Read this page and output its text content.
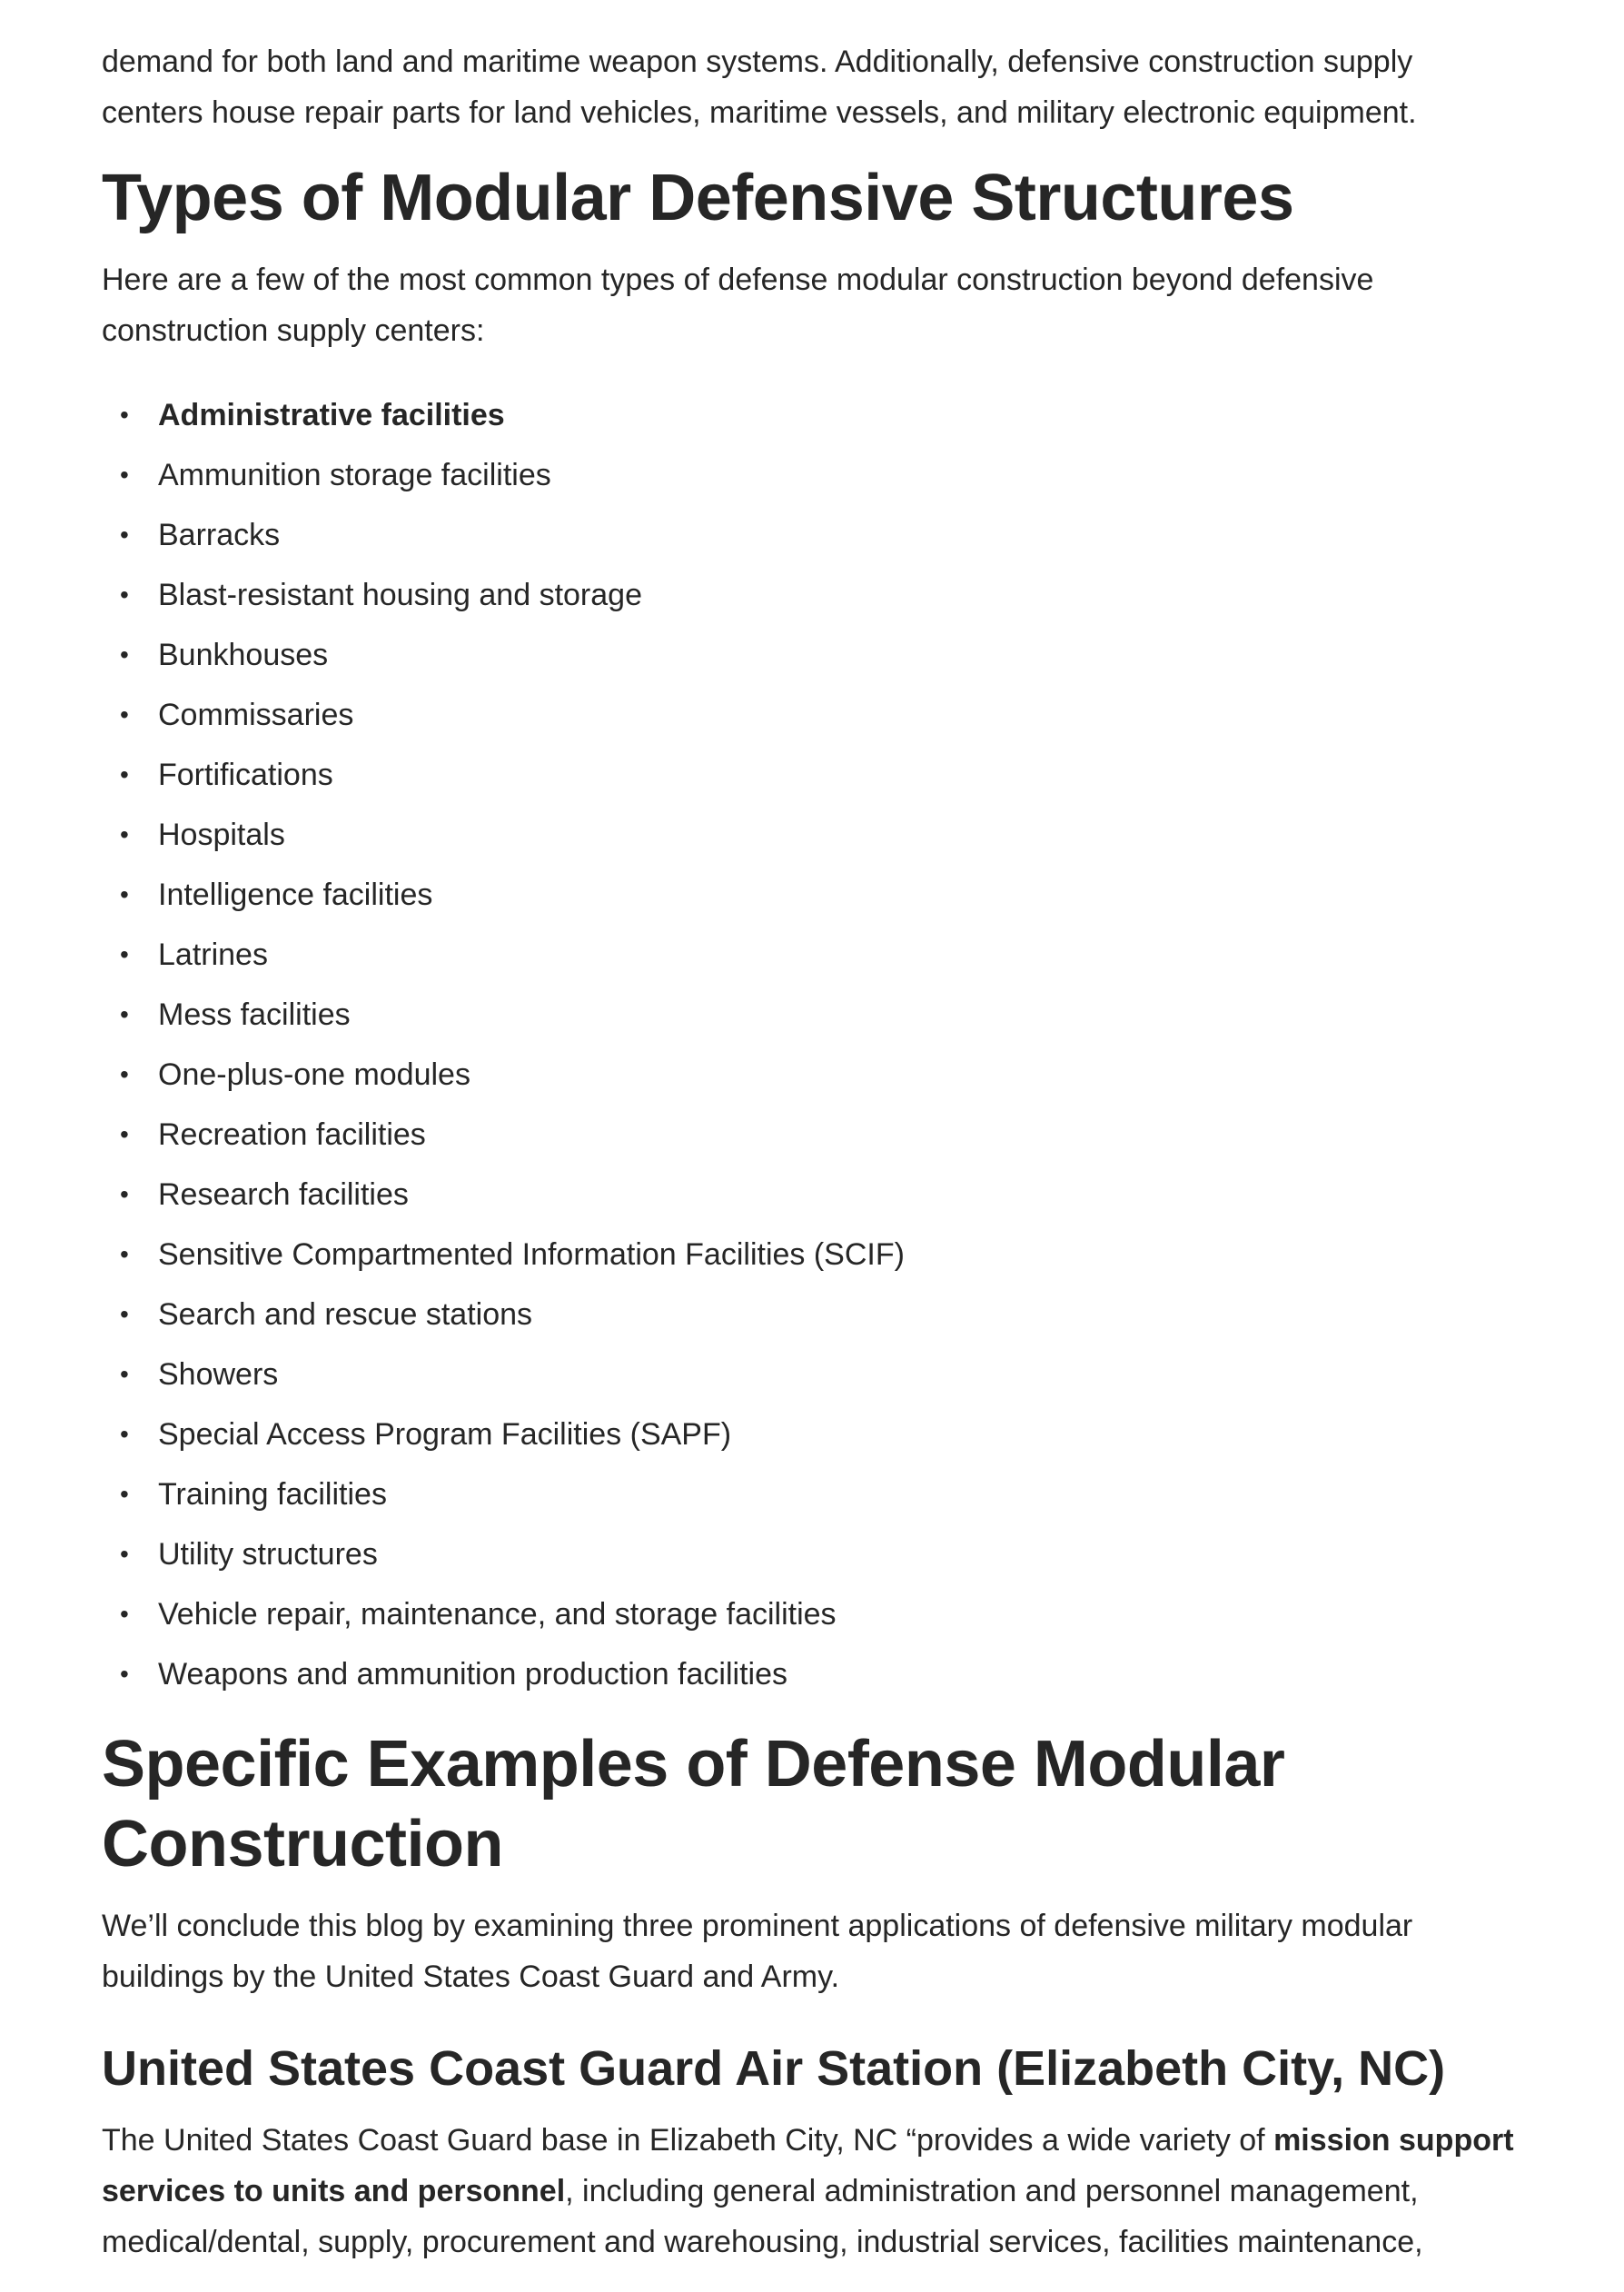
demand for both land and maritime weapon systems. Additionally, defensive construction supply centers house repair parts for land vehicles, maritime vessels, and military electronic equipment.

Types of Modular Defensive Structures

Here are a few of the most common types of defense modular construction beyond defensive construction supply centers:

• Administrative facilities
• Ammunition storage facilities
• Barracks
• Blast-resistant housing and storage
• Bunkhouses
• Commissaries
• Fortifications
• Hospitals
• Intelligence facilities
• Latrines
• Mess facilities
• One-plus-one modules
• Recreation facilities
• Research facilities
• Sensitive Compartmented Information Facilities (SCIF)
• Search and rescue stations
• Showers
• Special Access Program Facilities (SAPF)
• Training facilities
• Utility structures
• Vehicle repair, maintenance, and storage facilities
• Weapons and ammunition production facilities
Specific Examples of Defense Modular Construction

We’ll conclude this blog by examining three prominent applications of defensive military modular buildings by the United States Coast Guard and Army.

United States Coast Guard Air Station (Elizabeth City, NC)

The United States Coast Guard base in Elizabeth City, NC “provides a wide variety of mission support services to units and personnel, including general administration and personnel management, medical/dental, supply, procurement and warehousing, industrial services, facilities maintenance,
